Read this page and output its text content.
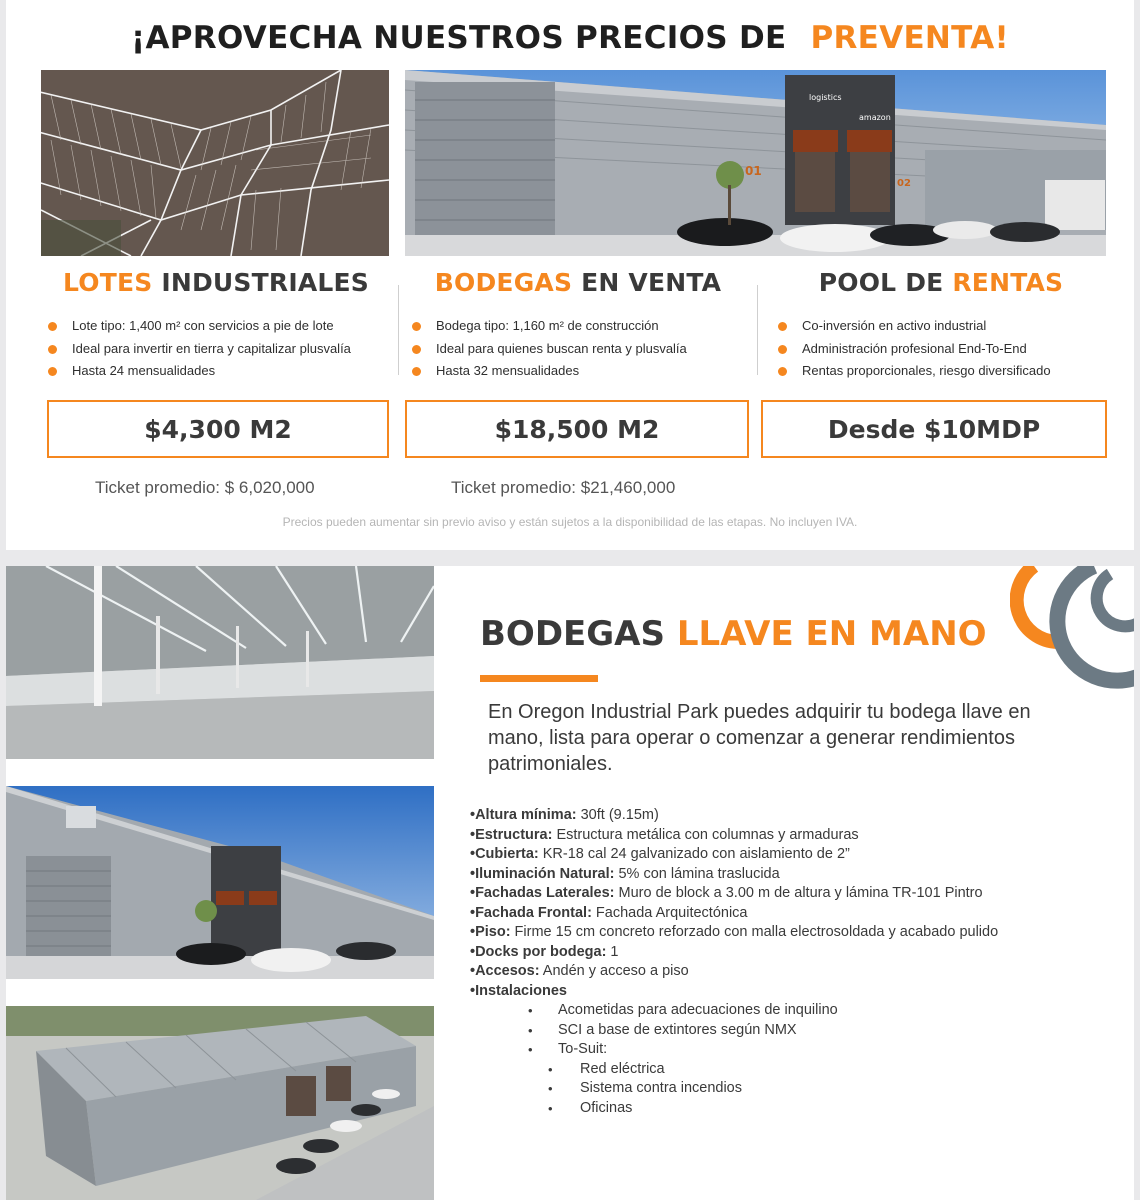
¡APROVECHA NUESTROS PRECIOS DE PREVENTA!
logistics
amazon
01
02
LOTES INDUSTRIALES
Lote tipo: 1,400 m² con servicios a pie de lote
Ideal para invertir en tierra y capitalizar plusvalía
Hasta 24 mensualidades
BODEGAS EN VENTA
Bodega tipo: 1,160 m² de construcción
Ideal para quienes buscan renta y plusvalía
Hasta 32 mensualidades
POOL DE RENTAS
Co-inversión en activo industrial
Administración profesional End-To-End
Rentas proporcionales, riesgo diversificado
$4,300 M2	$18,500 M2	Desde $10MDP
Ticket promedio: $ 6,020,000	Ticket promedio: $21,460,000
Precios pueden aumentar sin previo aviso y están sujetos a la disponibilidad de las etapas. No incluyen IVA.
BODEGAS LLAVE EN MANO
En Oregon Industrial Park puedes adquirir tu bodega llave en mano, lista para operar o comenzar a generar rendimientos patrimoniales.
•Altura mínima: 30ft (9.15m)
•Estructura: Estructura metálica con columnas y armaduras
•Cubierta: KR-18 cal 24 galvanizado con aislamiento de 2”
•Iluminación Natural: 5% con lámina traslucida
•Fachadas Laterales: Muro de block a 3.00 m de altura y lámina TR-101 Pintro
•Fachada Frontal: Fachada Arquitectónica
•Piso: Firme 15 cm concreto reforzado con malla electrosoldada y acabado pulido
•Docks por bodega: 1
•Accesos: Andén y acceso a piso
•Instalaciones
• Acometidas para adecuaciones de inquilino
• SCI a base de extintores según NMX
• To-Suit:
• Red eléctrica
• Sistema contra incendios
• Oficinas
